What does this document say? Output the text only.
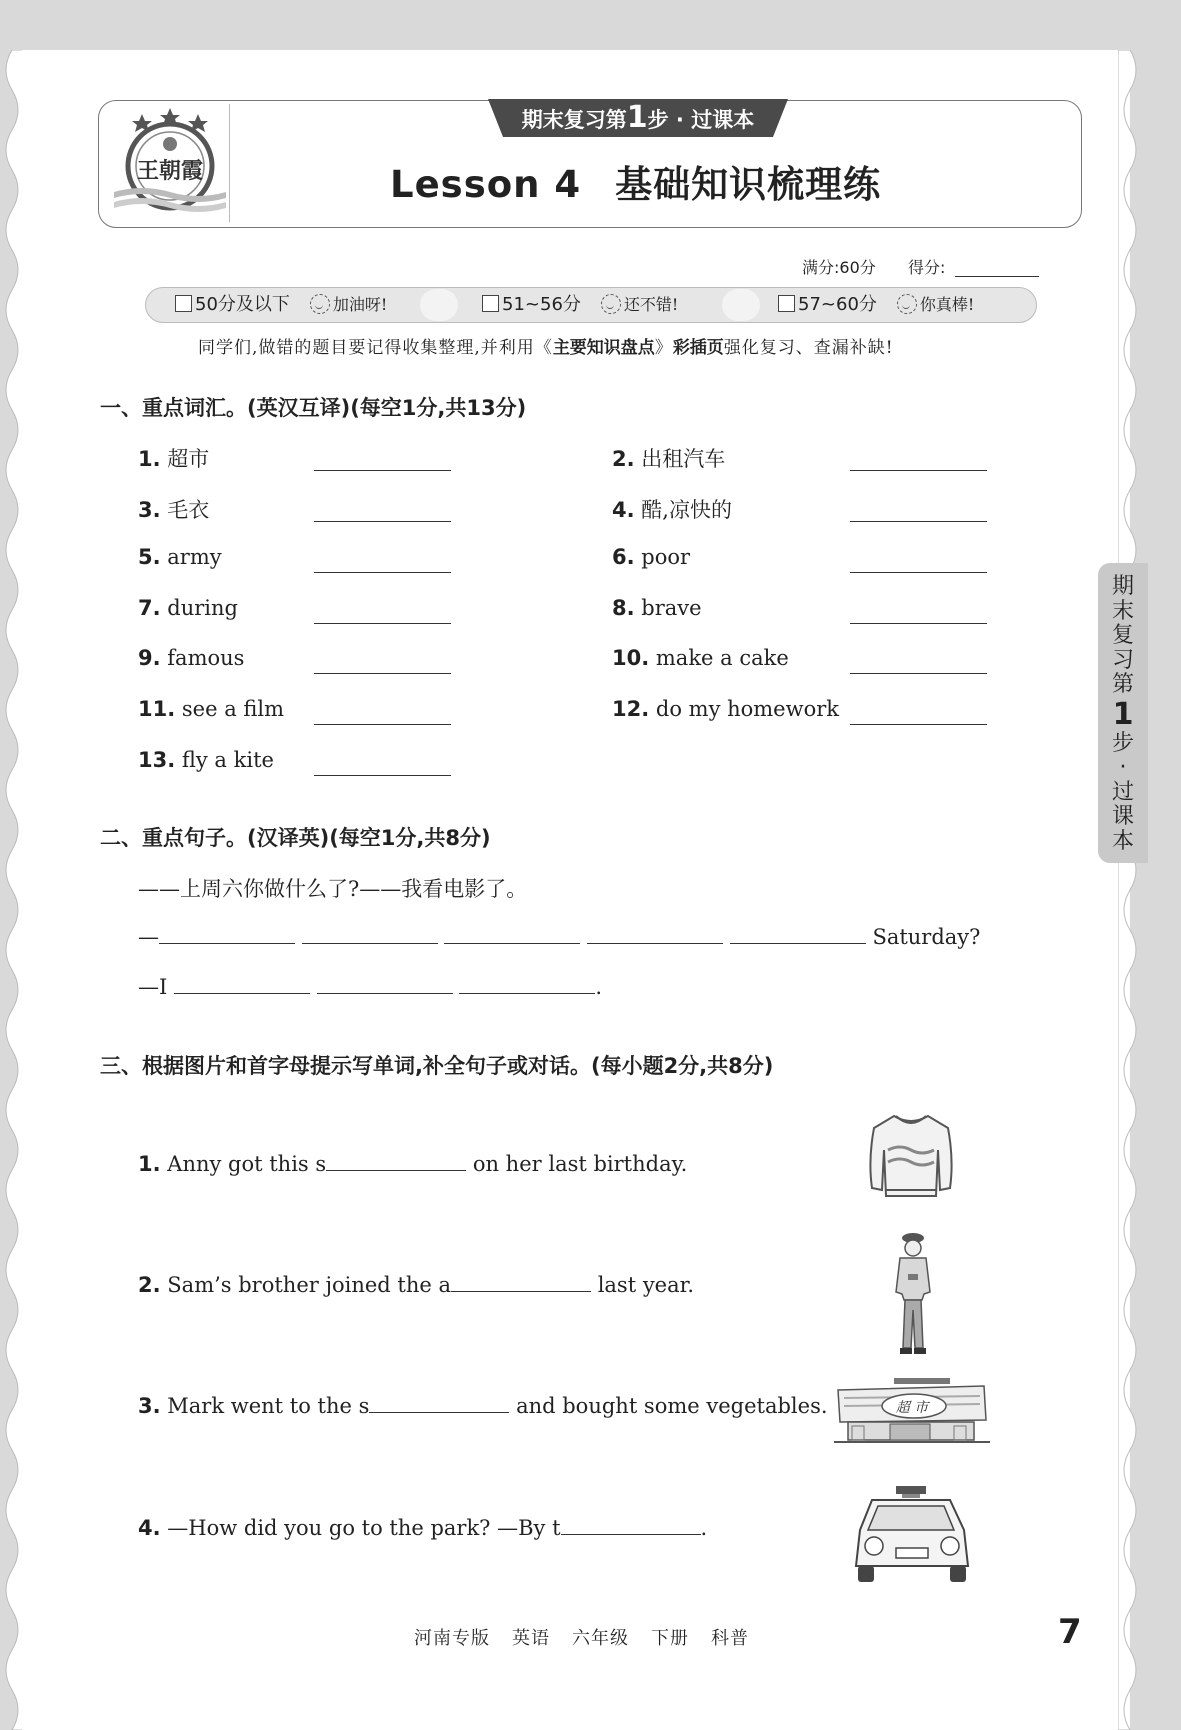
王朝霞
期末复习第1步 · 过课本
Lesson 4 基础知识梳理练
满分:60分 得分:
50分及以下	加油呀!	51~56分	还不错!	57~60分	你真棒!
同学们,做错的题目要记得收集整理,并利用《主要知识盘点》彩插页强化复习、查漏补缺!
一、重点词汇。(英汉互译)(每空1分,共13分)
1. 超市	2. 出租汽车
3. 毛衣	4. 酷,凉快的
5. army	6. poor
7. during	8. brave
9. famous	10. make a cake
11. see a film	12. do my homework
13. fly a kite
二、重点句子。(汉译英)(每空1分,共8分)
——上周六你做什么了?——我看电影了。
—	Saturday?
—I	.
三、根据图片和首字母提示写单词,补全句子或对话。(每小题2分,共8分)
1. Anny got this s	on her last birthday.
2. Sam’s brother joined the a	last year.
3. Mark went to the s	and bought some vegetables.
4. —How did you go to the park? —By t	.
超 市
期末复习第
1
步·过课本
河南专版 英语 六年级 下册 科普	7
